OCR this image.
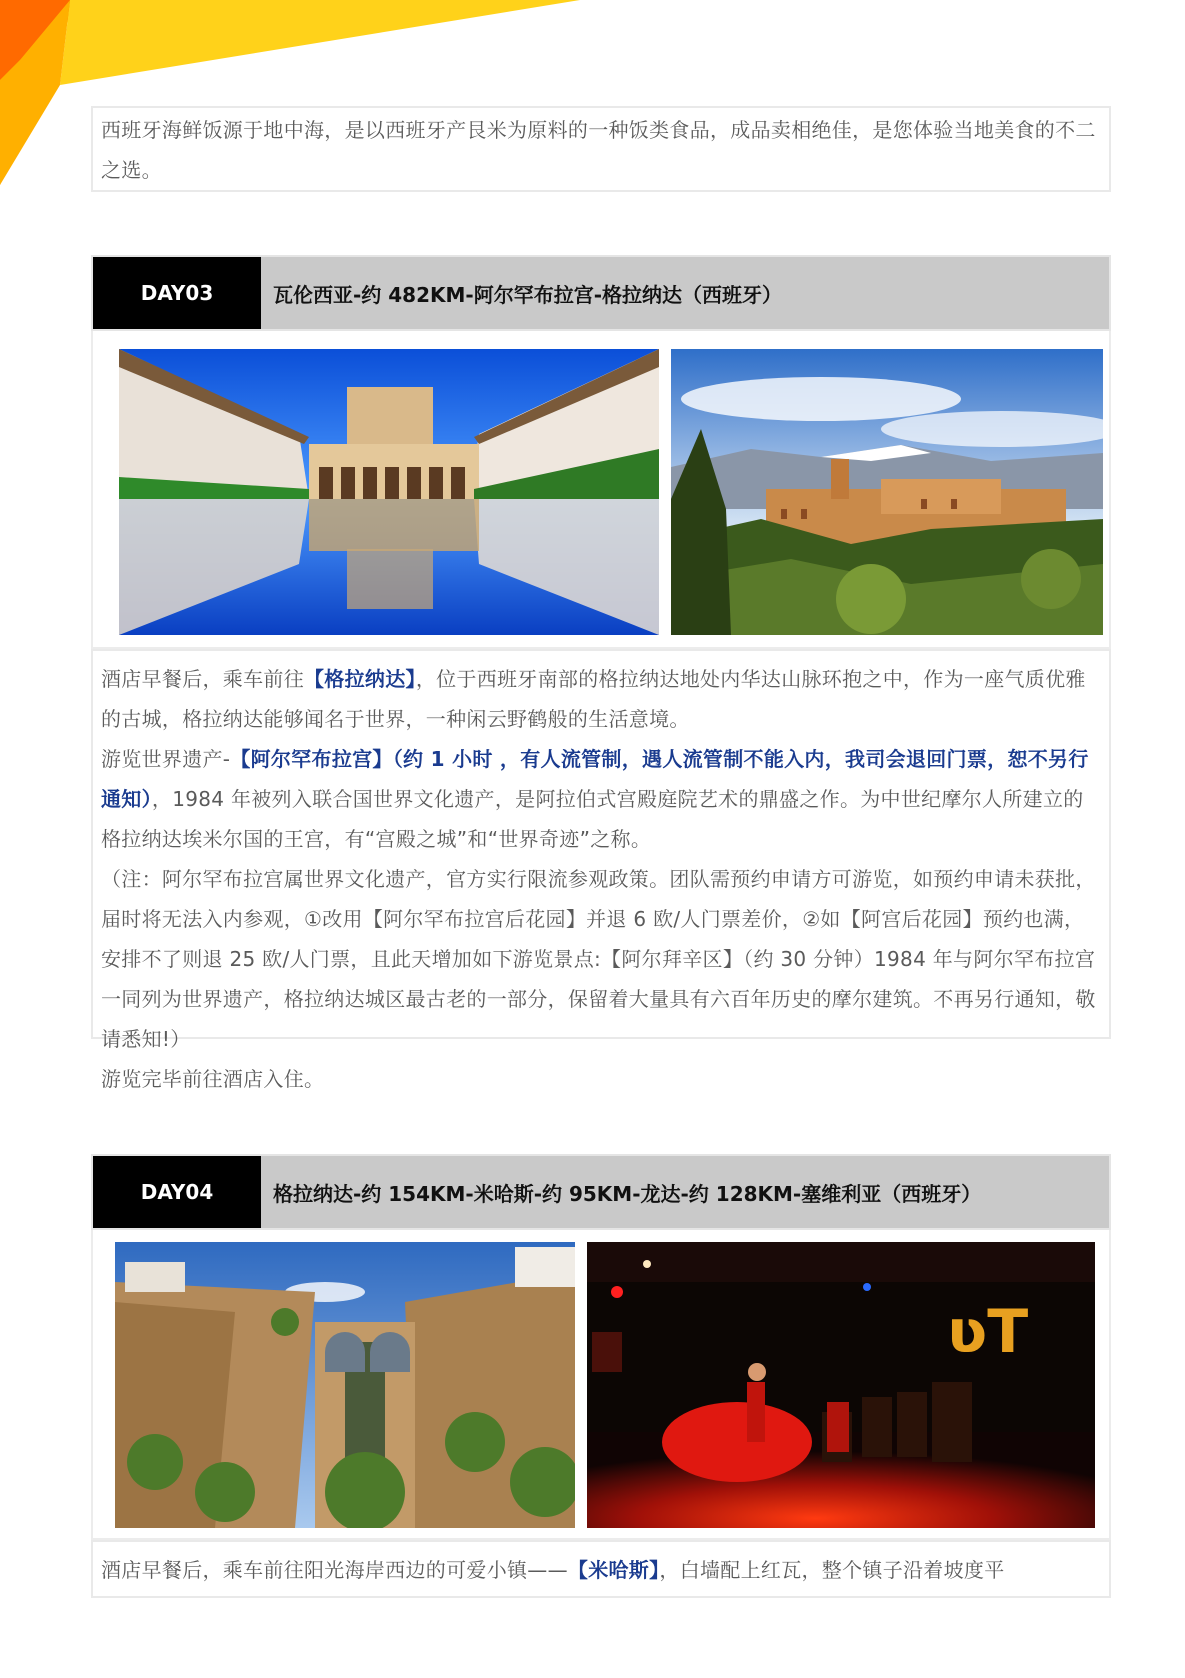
西班牙海鲜饭源于地中海，是以西班牙产艮米为原料的一种饭类食品，成品卖相绝佳，是您体验当地美食的不二之选。

DAY03	瓦伦西亚-约 482KM-阿尔罕布拉宫-格拉纳达（西班牙）

酒店早餐后，乘车前往【格拉纳达】，位于西班牙南部的格拉纳达地处内华达山脉环抱之中，作为一座气质优雅的古城，格拉纳达能够闻名于世界，一种闲云野鹤般的生活意境。

游览世界遗产-【阿尔罕布拉宫】（约 1 小时 ，有人流管制，遇人流管制不能入内，我司会退回门票，恕不另行通知），1984 年被列入联合国世界文化遗产，是阿拉伯式宫殿庭院艺术的鼎盛之作。为中世纪摩尔人所建立的格拉纳达埃米尔国的王宫，有“宫殿之城”和“世界奇迹”之称。

（注：阿尔罕布拉宫属世界文化遗产，官方实行限流参观政策。团队需预约申请方可游览，如预约申请未获批，届时将无法入内参观，①改用【阿尔罕布拉宫后花园】并退 6 欧/人门票差价，②如【阿宫后花园】预约也满，安排不了则退 25 欧/人门票，且此天增加如下游览景点:【阿尔拜辛区】（约 30 分钟）1984 年与阿尔罕布拉宫一同列为世界遗产，格拉纳达城区最古老的一部分，保留着大量具有六百年历史的摩尔建筑。不再另行通知，敬请悉知!）

游览完毕前往酒店入住。

DAY04	格拉纳达-约 154KM-米哈斯-约 95KM-龙达-约 128KM-塞维利亚（西班牙）
ʋT

酒店早餐后，乘车前往阳光海岸西边的可爱小镇——【米哈斯】，白墙配上红瓦，整个镇子沿着坡度平
